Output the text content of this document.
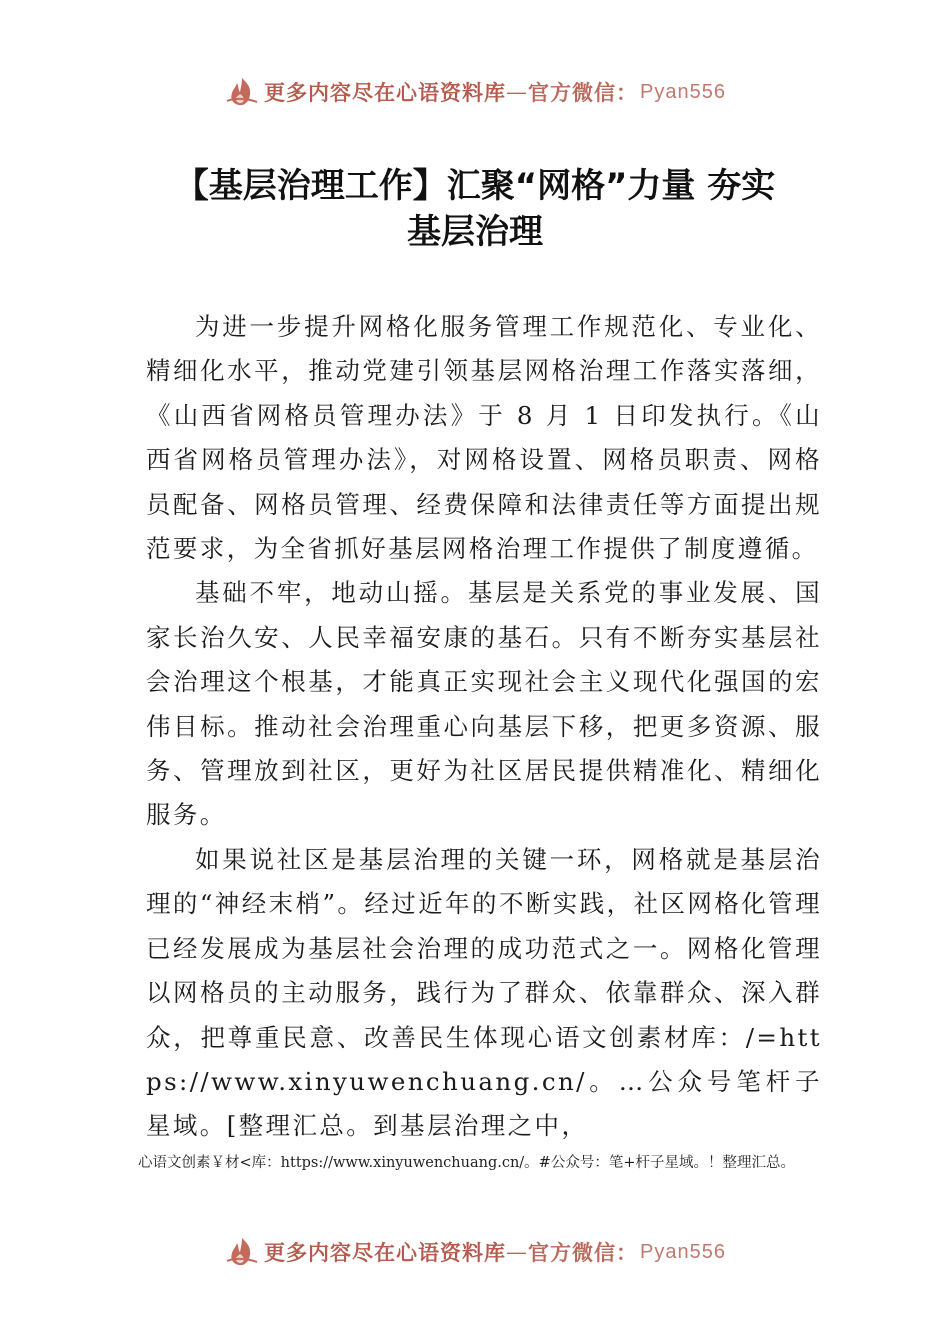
更多内容尽在心语资料库 — 官方微信： Pyan556
【基层治理工作】汇聚“网格”力量 夯实
基层治理

为进一步提升网格化服务管理工作规范化、专业化、精细化水平，推动党建引领基层网格治理工作落实落细，《山西省网格员管理办法》于 8 月 1 日印发执行。《山西省网格员管理办法》，对网格设置、网格员职责、网格员配备、网格员管理、经费保障和法律责任等方面提出规范要求，为全省抓好基层网格治理工作提供了制度遵循。

基础不牢，地动山摇。基层是关系党的事业发展、国家长治久安、人民幸福安康的基石。只有不断夯实基层社会治理这个根基，才能真正实现社会主义现代化强国的宏伟目标。推动社会治理重心向基层下移，把更多资源、服务、管理放到社区，更好为社区居民提供精准化、精细化服务。

如果说社区是基层治理的关键一环，网格就是基层治理的“神经末梢”。经过近年的不断实践，社区网格化管理已经发展成为基层社会治理的成功范式之一。网格化管理以网格员的主动服务，践行为了群众、依靠群众、深入群众，把尊重民意、改善民生体现心语文创素材库：/=https://www.xinyuwenchuang.cn/。…公众号笔杆子星域。[整理汇总。到基层治理之中，

心语文创素￥材<库：https://www.xinyuwenchuang.cn/。#公众号：笔+杆子星域。！整理汇总。

更多内容尽在心语资料库 — 官方微信： Pyan556
